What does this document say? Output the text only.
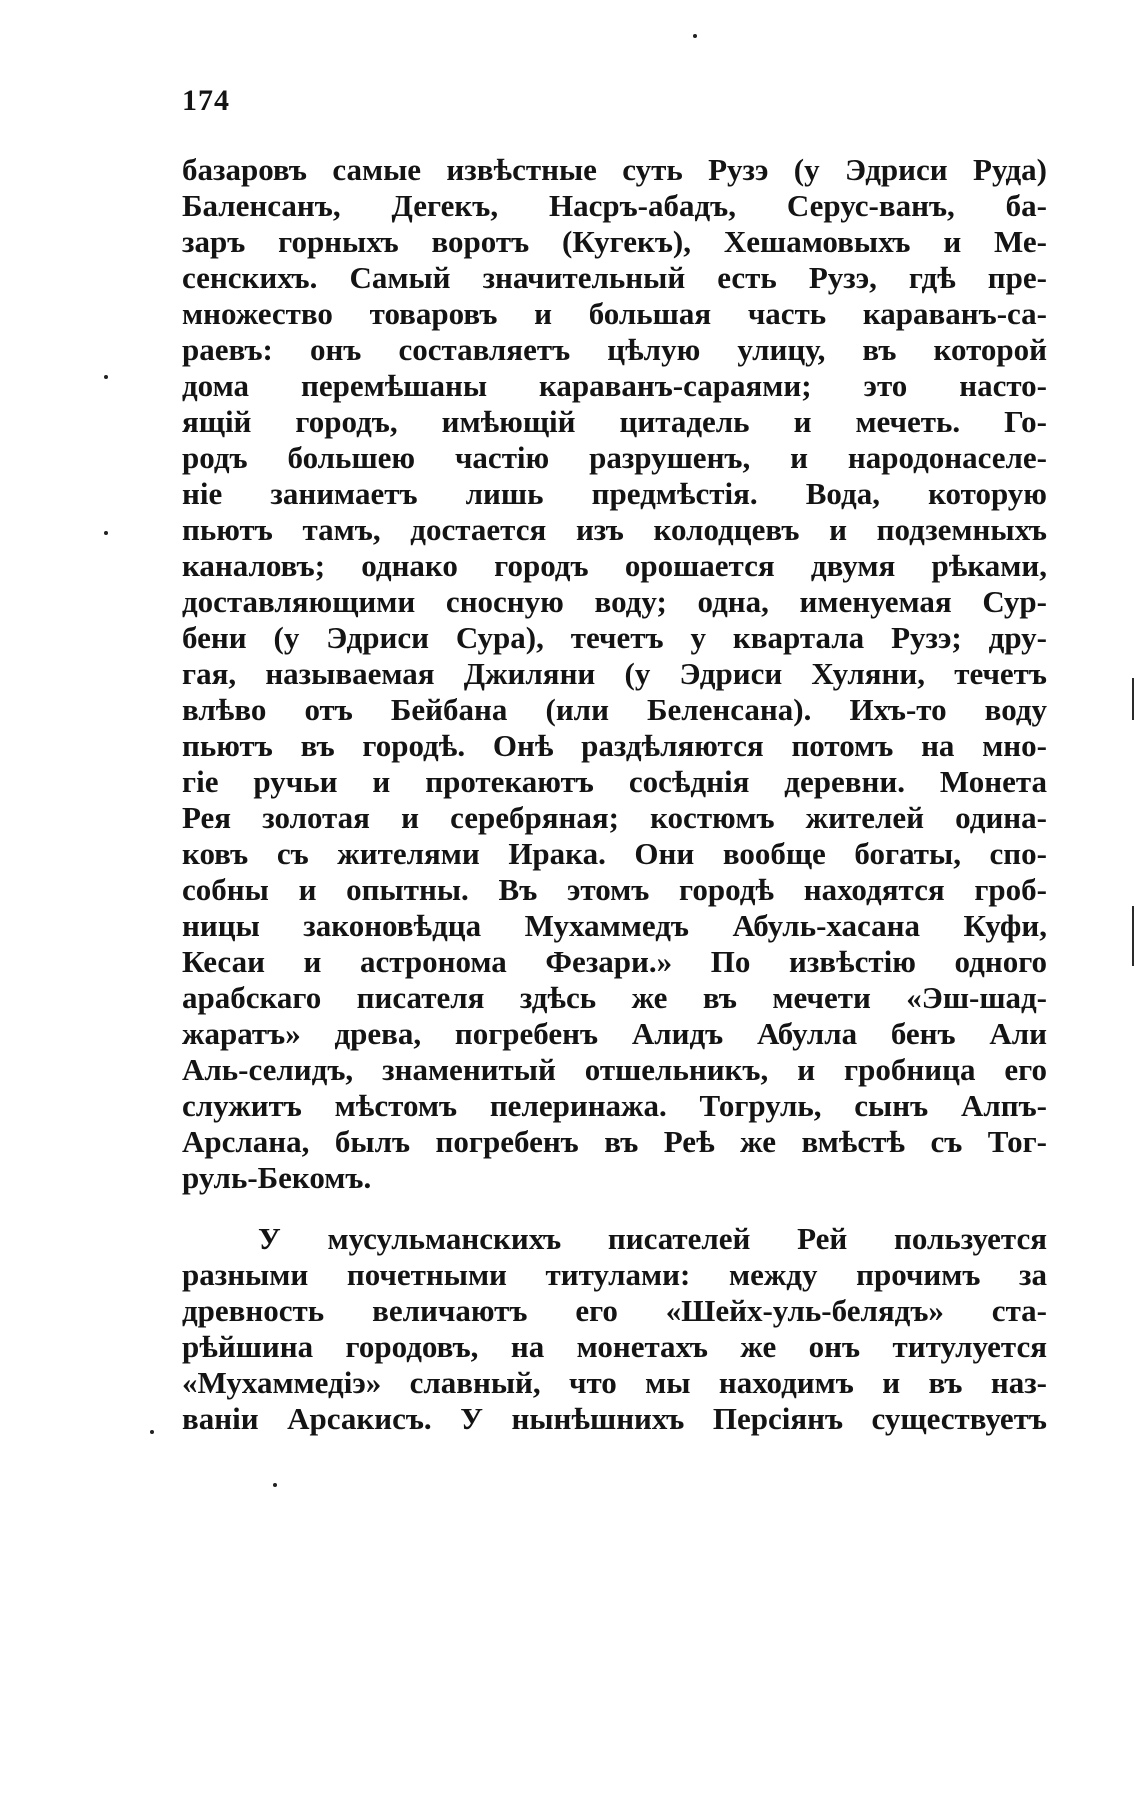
174
базаровъ самые извѣстные суть Рузэ (у Эдриси Руда)
Баленсанъ, Дегекъ, Насръ-абадъ, Серус-ванъ, ба-
заръ горныхъ воротъ (Кугекъ), Хешамовыхъ и Ме-
сенскихъ. Самый значительный есть Рузэ, гдѣ пре-
множество товаровъ и большая часть караванъ-са-
раевъ: онъ составляетъ цѣлую улицу, въ которой
дома перемѣшаны караванъ-сараями; это насто-
ящій городъ, имѣющій цитадель и мечеть. Го-
родъ большею частію разрушенъ, и народонаселе-
ніе занимаетъ лишь предмѣстія. Вода, которую
пьютъ тамъ, достается изъ колодцевъ и подземныхъ
каналовъ; однако городъ орошается двумя рѣками,
доставляющими сносную воду; одна, именуемая Сур-
бени (у Эдриси Сура), течетъ у квартала Рузэ; дру-
гая, называемая Джиляни (у Эдриси Хуляни, течетъ
влѣво отъ Бейбана (или Беленсана). Ихъ-то воду
пьютъ въ городѣ. Онѣ раздѣляются потомъ на мно-
гіе ручьи и протекаютъ сосѣднія деревни. Монета
Рея золотая и серебряная; костюмъ жителей одина-
ковъ съ жителями Ирака. Они вообще богаты, спо-
собны и опытны. Въ этомъ городѣ находятся гроб-
ницы законовѣдца Мухаммедъ Абуль-хасана Куфи,
Кесаи и астронома Фезари.» По извѣстію одного
арабскаго писателя здѣсь же въ мечети «Эш-шад-
жаратъ» древа, погребенъ Алидъ Абулла бенъ Али
Аль-селидъ, знаменитый отшельникъ, и гробница его
служитъ мѣстомъ пелеринажа. Тогруль, сынъ Алпъ-
Арслана, былъ погребенъ въ Реѣ же вмѣстѣ съ Тог-
руль-Бекомъ.
У мусульманскихъ писателей Рей пользуется
разными почетными титулами: между прочимъ за
древность величаютъ его «Шейх-уль-белядъ» ста-
рѣйшина городовъ, на монетахъ же онъ титулуется
«Мухаммедіэ» славный, что мы находимъ и въ наз-
ваніи Арсакисъ. У нынѣшнихъ Персіянъ существуетъ
